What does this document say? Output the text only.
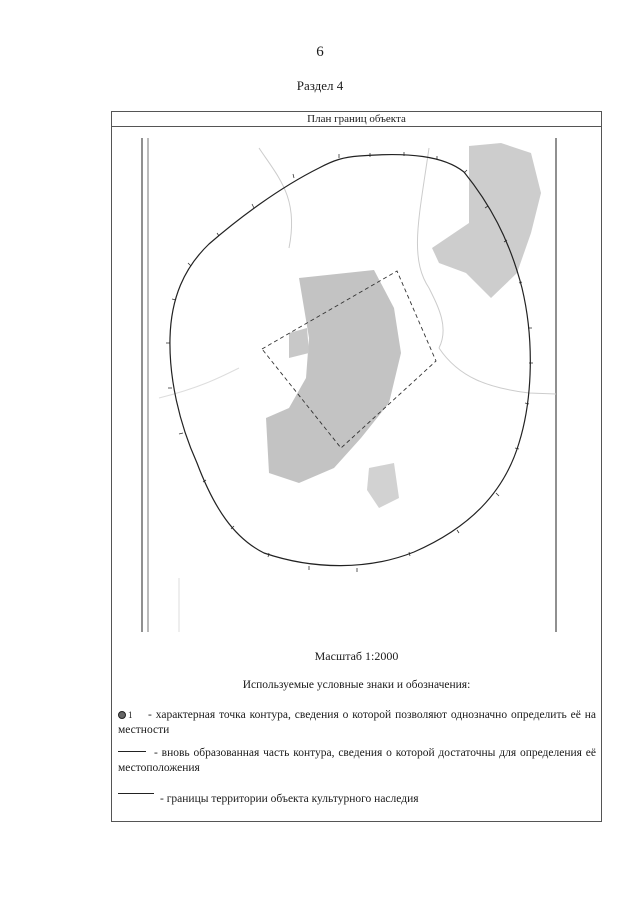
6
Раздел 4
План границ объекта
Масштаб 1:2000
Используемые условные знаки и обозначения:
1 - характерная точка контура, сведения о которой позволяют однозначно определить её на местности
- вновь образованная часть контура, сведения о которой достаточны для определения её местоположения
- границы территории объекта культурного наследия
